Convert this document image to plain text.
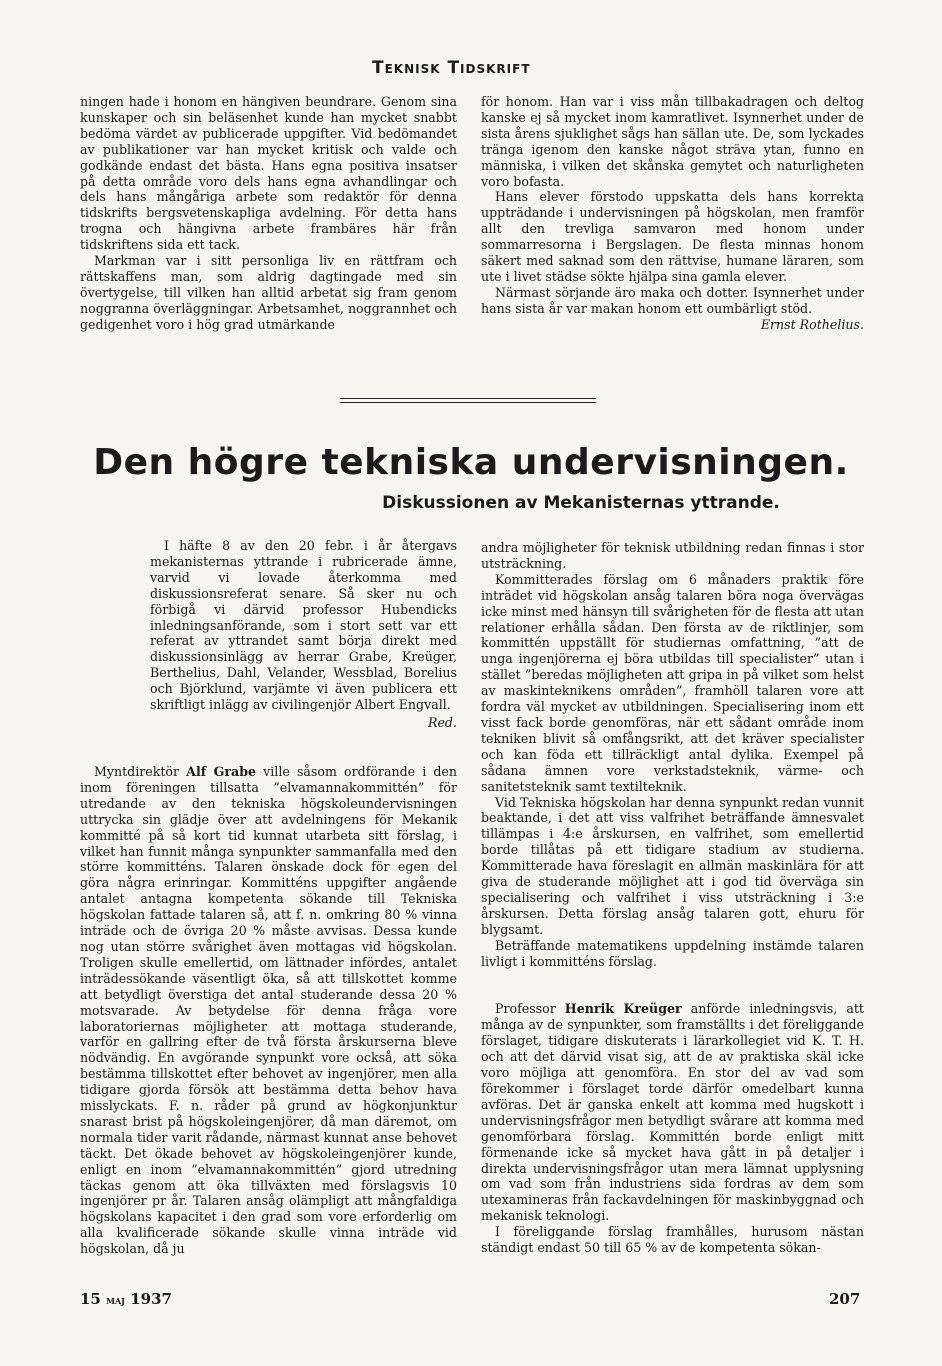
Teknisk Tidskrift

ningen hade i honom en hängiven beundrare. Genom sina kunskaper och sin beläsenhet kunde han mycket snabbt bedöma värdet av publicerade uppgifter. Vid bedömandet av publikationer var han mycket kritisk och valde och godkände endast det bästa. Hans egna positiva insatser på detta område voro dels hans egna avhandlingar och dels hans mångåriga arbete som redaktör för denna tidskrifts bergsvetenskapliga avdelning. För detta hans trogna och hängivna arbete frambäres här från tidskriftens sida ett tack.

Markman var i sitt personliga liv en rättfram och rättskaffens man, som aldrig dagtingade med sin övertygelse, till vilken han alltid arbetat sig fram genom noggranna överläggningar. Arbetsamhet, noggrannhet och gedigenhet voro i hög grad utmärkande

för honom. Han var i viss mån tillbakadragen och deltog kanske ej så mycket inom kamratlivet. Isynnerhet under de sista årens sjuklighet sågs han sällan ute. De, som lyckades tränga igenom den kanske något sträva ytan, funno en människa, i vilken det skånska gemytet och naturligheten voro bofasta.

Hans elever förstodo uppskatta dels hans korrekta uppträdande i undervisningen på högskolan, men framför allt den trevliga samvaron med honom under sommarresorna i Bergslagen. De flesta minnas honom säkert med saknad som den rättvise, humane läraren, som ute i livet städse sökte hjälpa sina gamla elever.

Närmast sörjande äro maka och dotter. Isynnerhet under hans sista år var makan honom ett oumbärligt stöd.

Ernst Rothelius.
Den högre tekniska undervisningen.
Diskussionen av Mekanisternas yttrande.

I häfte 8 av den 20 febr. i år återgavs mekanisternas yttrande i rubricerade ämne, varvid vi lovade återkomma med diskussionsreferat senare. Så sker nu och förbigå vi därvid professor Hubendicks inledningsanförande, som i stort sett var ett referat av yttrandet samt börja direkt med diskussionsinlägg av herrar Grabe, Kreüger, Berthelius, Dahl, Velander, Wessblad, Borelius och Björklund, varjämte vi även publicera ett skriftligt inlägg av civilingenjör Albert Engvall.

Red.

Myntdirektör Alf Grabe ville såsom ordförande i den inom föreningen tillsatta ”elvamannakommittén” för utredande av den tekniska högskoleundervisningen uttrycka sin glädje över att avdelningens för Mekanik kommitté på så kort tid kunnat utarbeta sitt förslag, i vilket han funnit många synpunkter sammanfalla med den större kommitténs. Talaren önskade dock för egen del göra några erinringar. Kommitténs uppgifter angående antalet antagna kompetenta sökande till Tekniska högskolan fattade talaren så, att f. n. omkring 80 % vinna inträde och de övriga 20 % måste avvisas. Dessa kunde nog utan större svårighet även mottagas vid högskolan. Troligen skulle emellertid, om lättnader infördes, antalet inträdessökande väsentligt öka, så att tillskottet komme att betydligt överstiga det antal studerande dessa 20 % motsvarade. Av betydelse för denna fråga vore laboratoriernas möjligheter att mottaga studerande, varför en gallring efter de två första årskurserna bleve nödvändig. En avgörande synpunkt vore också, att söka bestämma tillskottet efter behovet av ingenjörer, men alla tidigare gjorda försök att bestämma detta behov hava misslyckats. F. n. råder på grund av högkonjunktur snarast brist på högskoleingenjörer, då man däremot, om normala tider varit rådande, närmast kunnat anse behovet täckt. Det ökade behovet av högskoleingenjörer kunde, enligt en inom ”elvamannakommittén” gjord utredning täckas genom att öka tillväxten med förslagsvis 10 ingenjörer pr år. Talaren ansåg olämpligt att mångfaldiga högskolans kapacitet i den grad som vore erforderlig om alla kvalificerade sökande skulle vinna inträde vid högskolan, då ju

andra möjligheter för teknisk utbildning redan finnas i stor utsträckning.

Kommitterades förslag om 6 månaders praktik före inträdet vid högskolan ansåg talaren böra noga övervägas icke minst med hänsyn till svårigheten för de flesta att utan relationer erhålla sådan. Den första av de riktlinjer, som kommittén uppställt för studiernas omfattning, ”att de unga ingenjörerna ej böra utbildas till specialister” utan i stället ”beredas möjligheten att gripa in på vilket som helst av maskinteknikens områden”, framhöll talaren vore att fordra väl mycket av utbildningen. Specialisering inom ett visst fack borde genomföras, när ett sådant område inom tekniken blivit så omfångsrikt, att det kräver specialister och kan föda ett tillräckligt antal dylika. Exempel på sådana ämnen vore verkstadsteknik, värme- och sanitetsteknik samt textilteknik.

Vid Tekniska högskolan har denna synpunkt redan vunnit beaktande, i det att viss valfrihet beträffande ämnesvalet tillämpas i 4:e årskursen, en valfrihet, som emellertid borde tillåtas på ett tidigare stadium av studierna. Kommitterade hava föreslagit en allmän maskinlära för att giva de studerande möjlighet att i god tid överväga sin specialisering och valfrihet i viss utsträckning i 3:e årskursen. Detta förslag ansåg talaren gott, ehuru för blygsamt.

Beträffande matematikens uppdelning instämde talaren livligt i kommitténs förslag.

Professor Henrik Kreüger anförde inledningsvis, att många av de synpunkter, som framställts i det föreliggande förslaget, tidigare diskuterats i lärarkollegiet vid K. T. H. och att det därvid visat sig, att de av praktiska skäl icke voro möjliga att genomföra. En stor del av vad som förekommer i förslaget torde därför omedelbart kunna avföras. Det är ganska enkelt att komma med hugskott i undervisningsfrågor men betydligt svårare att komma med genomförbara förslag. Kommittén borde enligt mitt förmenande icke så mycket hava gått in på detaljer i direkta undervisningsfrågor utan mera lämnat upplysning om vad som från industriens sida fordras av dem som utexamineras från fackavdelningen för maskinbyggnad och mekanisk teknologi.

I föreliggande förslag framhålles, hurusom nästan ständigt endast 50 till 65 % av de kompetenta sökan-

15 maj 1937	207
